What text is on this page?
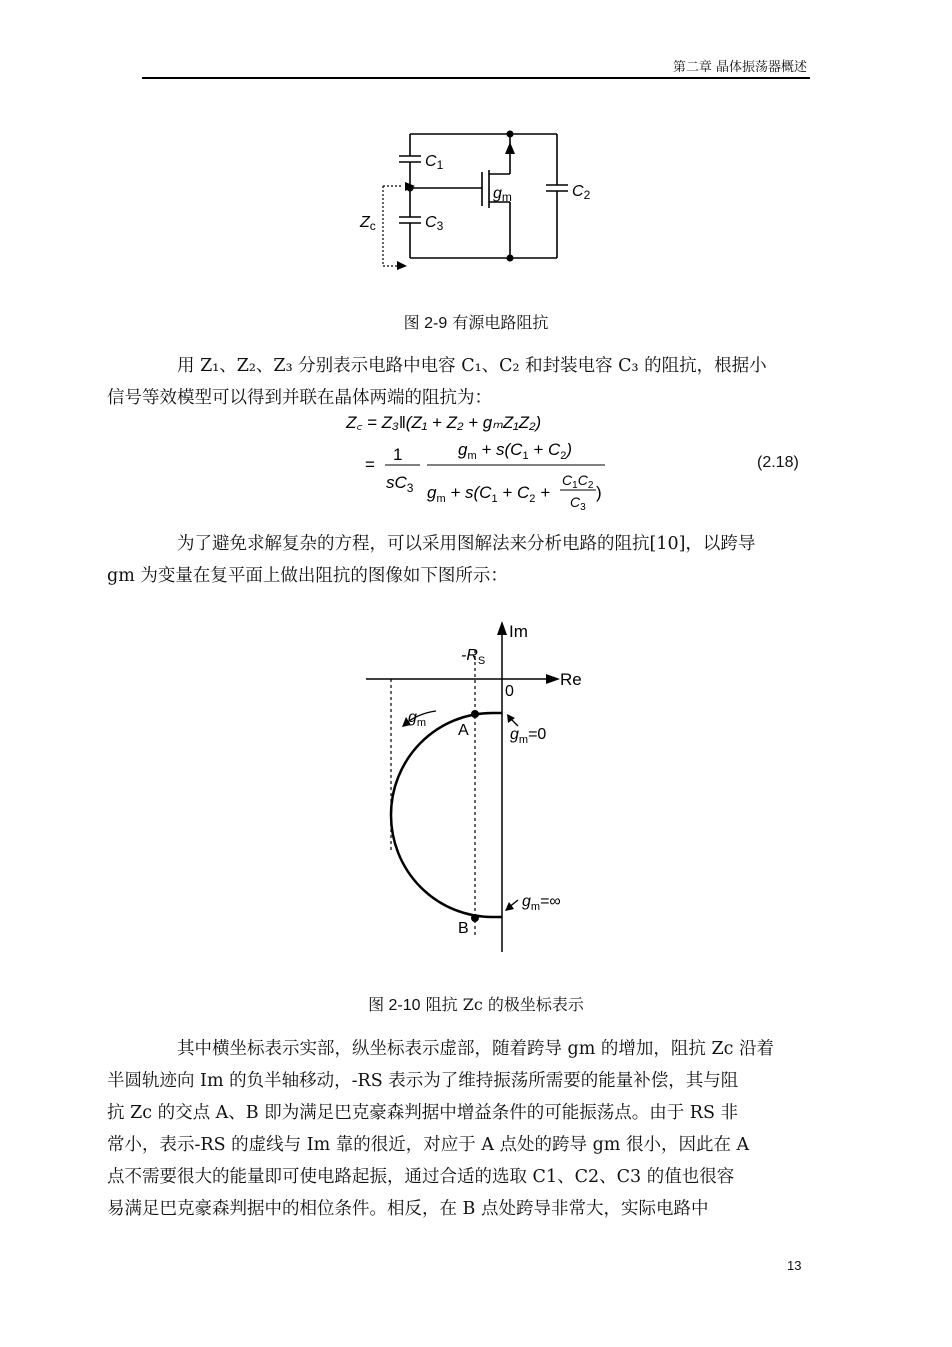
第二章 晶体振荡器概述
C1
C2
C3
gm
Zc
图 2-9 有源电路阻抗

用 Z₁、Z₂、Z₃ 分别表示电路中电容 C₁、C₂ 和封装电容 C₃ 的阻抗，根据小
信号等效模型可以得到并联在晶体两端的阻抗为：

Z꜀ = Z₃‖(Z₁ + Z₂ + gₘZ₁Z₂)
=
1
$sC_3$
$g_m + s(C_1 + C_2)$
$g_m + s(C_1 + C_2$ +
$C_1C_2$
$C_3$
)
(2.18)

为了避免求解复杂的方程，可以采用图解法来分析电路的阻抗[10]，以跨导
gm 为变量在复平面上做出阻抗的图像如下图所示：

Im
Re
0
$-R_S$
A
B
$g_m$
$g_m=0$
$g_m=\infty$
图 2-10 阻抗 Zc 的极坐标表示

其中横坐标表示实部，纵坐标表示虚部，随着跨导 gm 的增加，阻抗 Zc 沿着
半圆轨迹向 Im 的负半轴移动，-RS 表示为了维持振荡所需要的能量补偿，其与阻
抗 Zc 的交点 A、B 即为满足巴克豪森判据中增益条件的可能振荡点。由于 RS 非
常小，表示-RS 的虚线与 Im 靠的很近，对应于 A 点处的跨导 gm 很小，因此在 A
点不需要很大的能量即可使电路起振，通过合适的选取 C1、C2、C3 的值也很容
易满足巴克豪森判据中的相位条件。相反，在 B 点处跨导非常大，实际电路中

13
